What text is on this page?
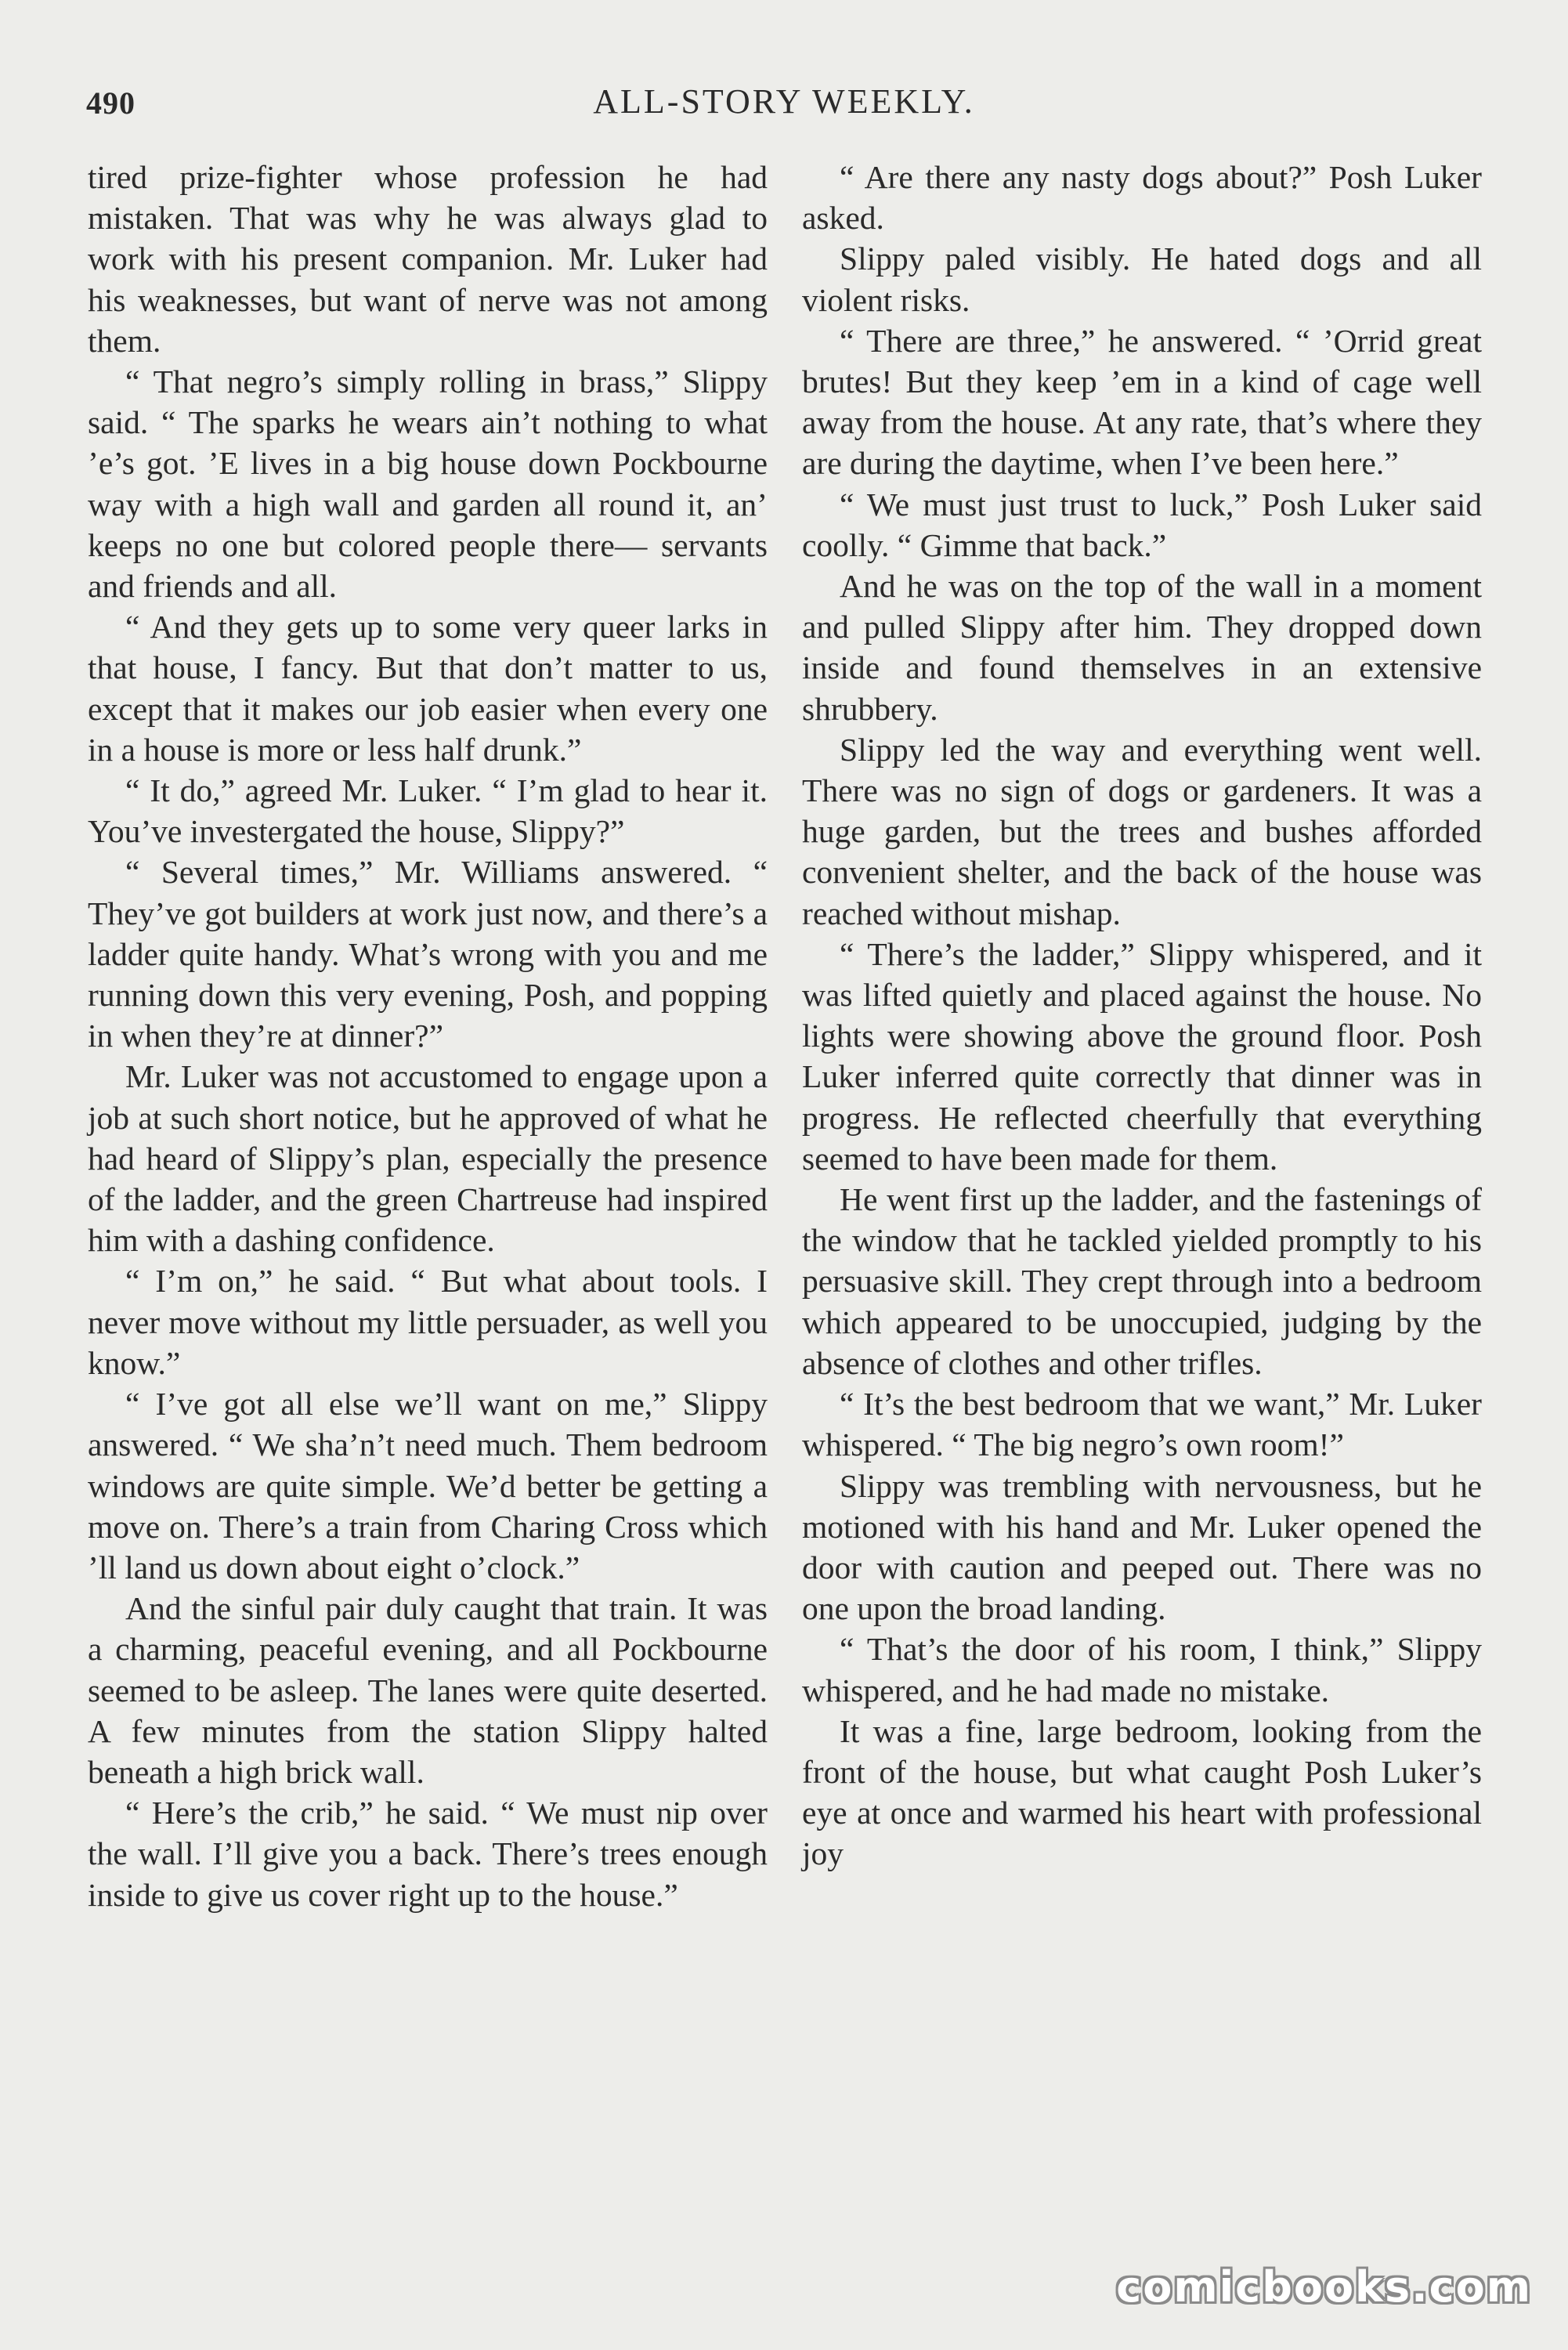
490	ALL-STORY WEEKLY.

tired prize-fighter whose profession he had mistaken. That was why he was always glad to work with his present companion. Mr. Luker had his weaknesses, but want of nerve was not among them.

“ That negro’s simply rolling in brass,” Slippy said. “ The sparks he wears ain’t nothing to what ’e’s got. ’E lives in a big house down Pockbourne way with a high wall and garden all round it, an’ keeps no one but colored people there— servants and friends and all.

“ And they gets up to some very queer larks in that house, I fancy. But that don’t matter to us, except that it makes our job easier when every one in a house is more or less half drunk.”

“ It do,” agreed Mr. Luker. “ I’m glad to hear it. You’ve investergated the house, Slippy?”

“ Several times,” Mr. Williams answered. “ They’ve got builders at work just now, and there’s a ladder quite handy. What’s wrong with you and me running down this very evening, Posh, and popping in when they’re at dinner?”

Mr. Luker was not accustomed to engage upon a job at such short notice, but he approved of what he had heard of Slippy’s plan, especially the presence of the ladder, and the green Chartreuse had inspired him with a dashing confidence.

“ I’m on,” he said. “ But what about tools. I never move without my little persuader, as well you know.”

“ I’ve got all else we’ll want on me,” Slippy answered. “ We sha’n’t need much. Them bedroom windows are quite simple. We’d better be getting a move on. There’s a train from Charing Cross which ’ll land us down about eight o’clock.”

And the sinful pair duly caught that train. It was a charming, peaceful evening, and all Pockbourne seemed to be asleep. The lanes were quite deserted. A few minutes from the station Slippy halted beneath a high brick wall.

“ Here’s the crib,” he said. “ We must nip over the wall. I’ll give you a back. There’s trees enough inside to give us cover right up to the house.”

“ Are there any nasty dogs about?” Posh Luker asked.

Slippy paled visibly. He hated dogs and all violent risks.

“ There are three,” he answered. “ ’Orrid great brutes! But they keep ’em in a kind of cage well away from the house. At any rate, that’s where they are during the daytime, when I’ve been here.”

“ We must just trust to luck,” Posh Luker said coolly. “ Gimme that back.”

And he was on the top of the wall in a moment and pulled Slippy after him. They dropped down inside and found themselves in an extensive shrubbery.

Slippy led the way and everything went well. There was no sign of dogs or gardeners. It was a huge garden, but the trees and bushes afforded convenient shelter, and the back of the house was reached without mishap.

“ There’s the ladder,” Slippy whispered, and it was lifted quietly and placed against the house. No lights were showing above the ground floor. Posh Luker inferred quite correctly that dinner was in progress. He reflected cheerfully that everything seemed to have been made for them.

He went first up the ladder, and the fastenings of the window that he tackled yielded promptly to his persuasive skill. They crept through into a bedroom which appeared to be unoccupied, judging by the absence of clothes and other trifles.

“ It’s the best bedroom that we want,” Mr. Luker whispered. “ The big negro’s own room!”

Slippy was trembling with nervousness, but he motioned with his hand and Mr. Luker opened the door with caution and peeped out. There was no one upon the broad landing.

“ That’s the door of his room, I think,” Slippy whispered, and he had made no mistake.

It was a fine, large bedroom, looking from the front of the house, but what caught Posh Luker’s eye at once and warmed his heart with professional joy

comicbooks.com
